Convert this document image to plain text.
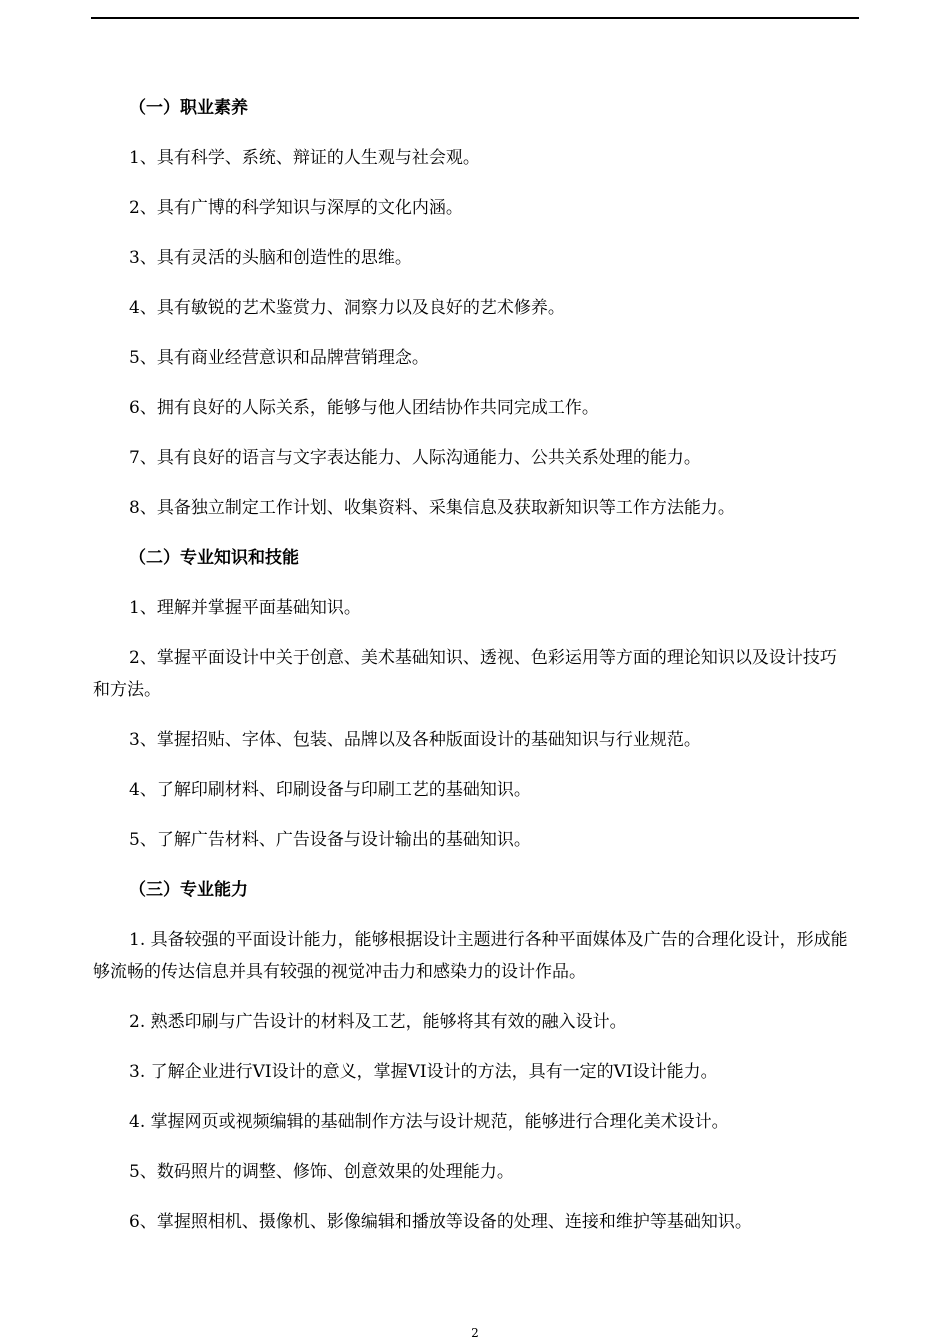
（一）职业素养
1、具有科学、系统、辩证的人生观与社会观。
2、具有广博的科学知识与深厚的文化内涵。
3、具有灵活的头脑和创造性的思维。
4、具有敏锐的艺术鉴赏力、洞察力以及良好的艺术修养。
5、具有商业经营意识和品牌营销理念。
6、拥有良好的人际关系，能够与他人团结协作共同完成工作。
7、具有良好的语言与文字表达能力、人际沟通能力、公共关系处理的能力。
8、具备独立制定工作计划、收集资料、采集信息及获取新知识等工作方法能力。
（二）专业知识和技能
1、理解并掌握平面基础知识。
2、掌握平面设计中关于创意、美术基础知识、透视、色彩运用等方面的理论知识以及设计技巧和方法。
3、掌握招贴、字体、包装、品牌以及各种版面设计的基础知识与行业规范。
4、了解印刷材料、印刷设备与印刷工艺的基础知识。
5、了解广告材料、广告设备与设计输出的基础知识。
（三）专业能力
1. 具备较强的平面设计能力，能够根据设计主题进行各种平面媒体及广告的合理化设计，形成能够流畅的传达信息并具有较强的视觉冲击力和感染力的设计作品。
2. 熟悉印刷与广告设计的材料及工艺，能够将其有效的融入设计。
3. 了解企业进行VI设计的意义，掌握VI设计的方法，具有一定的VI设计能力。
4. 掌握网页或视频编辑的基础制作方法与设计规范，能够进行合理化美术设计。
5、数码照片的调整、修饰、创意效果的处理能力。
6、掌握照相机、摄像机、影像编辑和播放等设备的处理、连接和维护等基础知识。
2
